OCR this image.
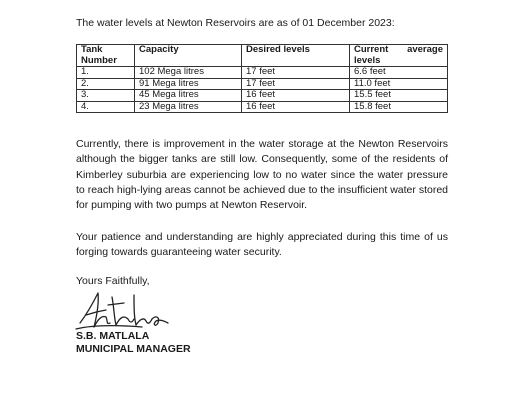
The water levels at Newton Reservoirs are as of 01 December 2023:
Tank
Number	Capacity	Desired levels	Current average
levels
1.	102 Mega litres	17 feet	6.6 feet
2.	91 Mega litres	17 feet	11.0 feet
3.	45 Mega litres	16 feet	15.5 feet
4.	23 Mega litres	16 feet	15.8 feet

Currently, there is improvement in the water storage at the Newton Reservoirs although the bigger tanks are still low. Consequently, some of the residents of Kimberley suburbia are experiencing low to no water since the water pressure to reach high-lying areas cannot be achieved due to the insufficient water stored for pumping with two pumps at Newton Reservoir.

Your patience and understanding are highly appreciated during this time of us forging towards guaranteeing water security.

Yours Faithfully,
S.B. MATLALA
MUNICIPAL MANAGER
